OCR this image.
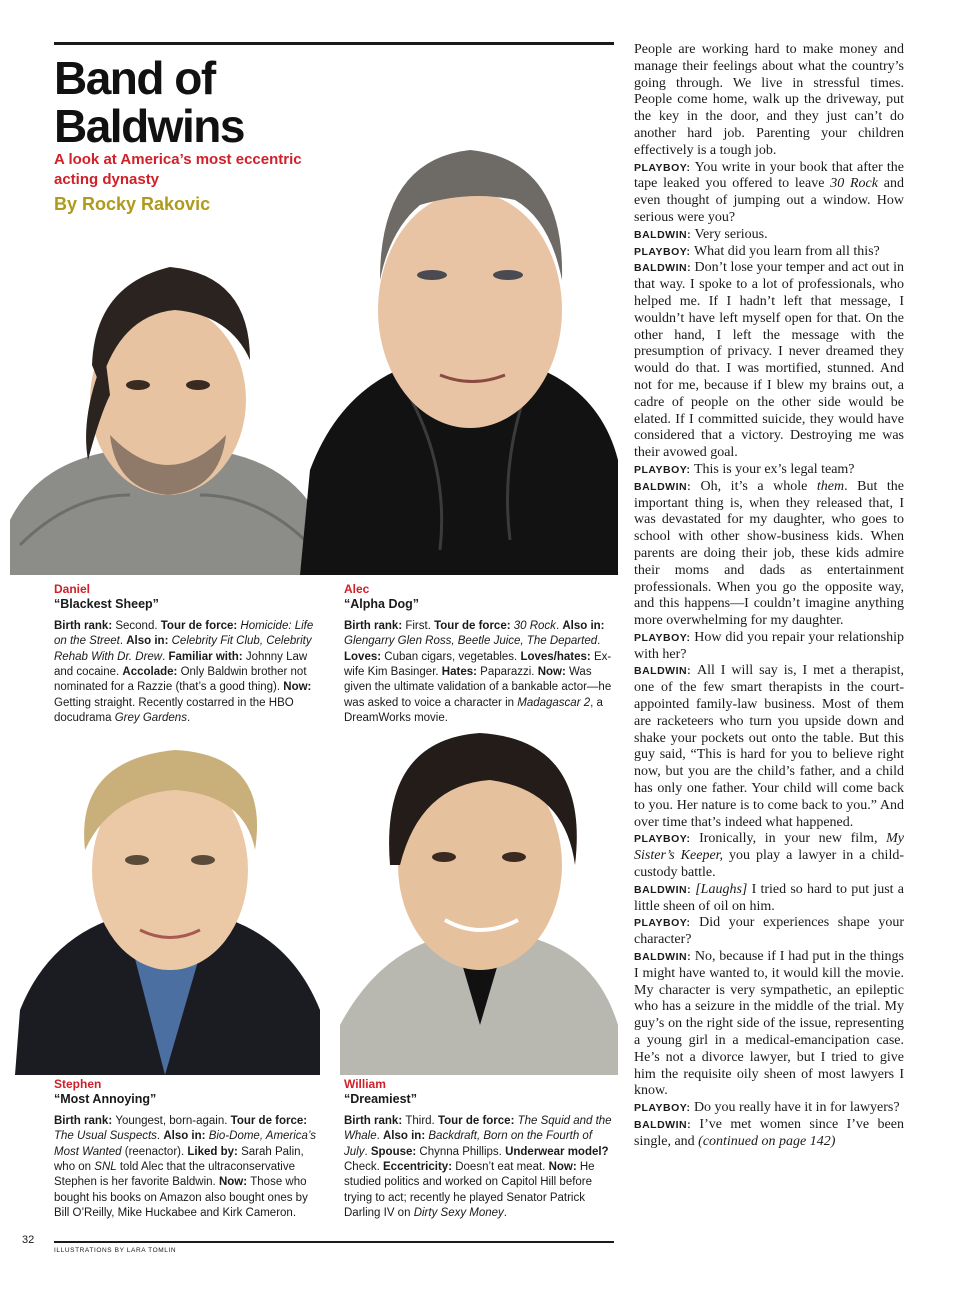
Band of
Baldwins

A look at America’s most eccentric acting dynasty

By Rocky Rakovic

Daniel
“Blackest Sheep”

Birth rank: Second. Tour de force: Homicide: Life on the Street. Also in: Celebrity Fit Club, Celebrity Rehab With Dr. Drew. Familiar with: Johnny Law and cocaine. Accolade: Only Baldwin brother not nominated for a Razzie (that’s a good thing). Now: Getting straight. Recently costarred in the HBO docudrama Grey Gardens.

Alec
“Alpha Dog”

Birth rank: First. Tour de force: 30 Rock. Also in: Glengarry Glen Ross, Beetle Juice, The Departed. Loves: Cuban cigars, vegetables. Loves/hates: Ex-wife Kim Basinger. Hates: Paparazzi. Now: Was given the ultimate validation of a bankable actor—he was asked to voice a character in Madagascar 2, a DreamWorks movie.

Stephen
“Most Annoying”

Birth rank: Youngest, born-again. Tour de force: The Usual Suspects. Also in: Bio-Dome, America’s Most Wanted (reenactor). Liked by: Sarah Palin, who on SNL told Alec that the ultraconservative Stephen is her favorite Baldwin. Now: Those who bought his books on Amazon also bought ones by Bill O’Reilly, Mike Huckabee and Kirk Cameron.

William
“Dreamiest”

Birth rank: Third. Tour de force: The Squid and the Whale. Also in: Backdraft, Born on the Fourth of July. Spouse: Chynna Phillips. Underwear model? Check. Eccentricity: Doesn’t eat meat. Now: He studied politics and worked on Capitol Hill before trying to act; recently he played Senator Patrick Darling IV on Dirty Sexy Money.

People are working hard to make money and manage their feelings about what the country’s going through. We live in stressful times. People come home, walk up the driveway, put the key in the door, and they just can’t do another hard job. Parenting your children effectively is a tough job.

PLAYBOY: You write in your book that after the tape leaked you offered to leave 30 Rock and even thought of jumping out a window. How serious were you?

BALDWIN: Very serious.

PLAYBOY: What did you learn from all this?

BALDWIN: Don’t lose your temper and act out in that way. I spoke to a lot of professionals, who helped me. If I hadn’t left that message, I wouldn’t have left myself open for that. On the other hand, I left the message with the presumption of privacy. I never dreamed they would do that. I was mortified, stunned. And not for me, because if I blew my brains out, a cadre of people on the other side would be elated. If I committed suicide, they would have considered that a victory. Destroying me was their avowed goal.

PLAYBOY: This is your ex’s legal team?

BALDWIN: Oh, it’s a whole them. But the important thing is, when they released that, I was devastated for my daughter, who goes to school with other show-business kids. When parents are doing their job, these kids admire their moms and dads as entertainment professionals. When you go the opposite way, and this happens—I couldn’t imagine anything more overwhelming for my daughter.

PLAYBOY: How did you repair your relationship with her?

BALDWIN: All I will say is, I met a therapist, one of the few smart therapists in the court-appointed family-law business. Most of them are racketeers who turn you upside down and shake your pockets out onto the table. But this guy said, “This is hard for you to believe right now, but you are the child’s father, and a child has only one father. Your child will come back to you. Her nature is to come back to you.” And over time that’s indeed what happened.

PLAYBOY: Ironically, in your new film, My Sister’s Keeper, you play a lawyer in a child-custody battle.

BALDWIN: [Laughs] I tried so hard to put just a little sheen of oil on him.

PLAYBOY: Did your experiences shape your character?

BALDWIN: No, because if I had put in the things I might have wanted to, it would kill the movie. My character is very sympathetic, an epileptic who has a seizure in the middle of the trial. My guy’s on the right side of the issue, representing a young girl in a medical-emancipation case. He’s not a divorce lawyer, but I tried to give him the requisite oily sheen of most lawyers I know.

PLAYBOY: Do you really have it in for lawyers?

BALDWIN: I’ve met women since I’ve been single, and (continued on page 142)

32
ILLUSTRATIONS BY LARA TOMLIN
